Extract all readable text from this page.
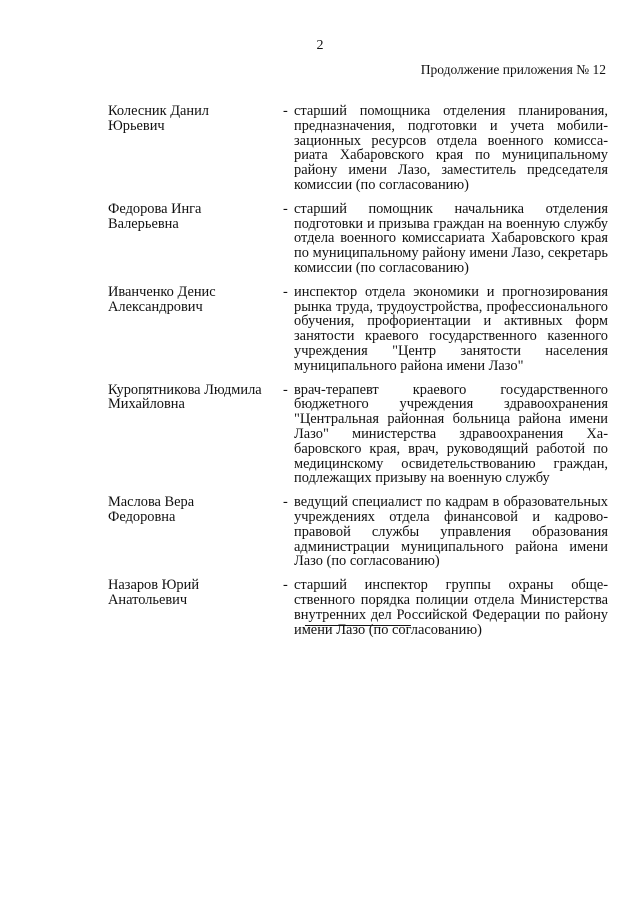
2
Продолжение приложения № 12
Колесник Данил
Юрьевич
- старший помощника отделения планирования, предназначения, подготовки и учета мобилизационных ресурсов отдела военного комиссариата Хабаровского края по муниципальному району имени Лазо, заместитель председателя комиссии (по согласованию)
Федорова Инга
Валерьевна
- старший помощник начальника отделения подготовки и призыва граждан на военную службу отдела военного комиссариата Хабаровского края по муниципальному району имени Лазо, секретарь комиссии (по согласованию)
Иванченко Денис
Александрович
- инспектор отдела экономики и прогнозирования рынка труда, трудоустройства, профессионального обучения, профориентации и активных форм занятости краевого государственного казенного учреждения "Центр занятости населения муниципального района имени Лазо"
Куропятникова Людмила
Михайловна
- врач-терапевт краевого государственного бюджетного учреждения здравоохранения "Центральная районная больница района имени Лазо" министерства здравоохранения Хабаровского края, врач, руководящий работой по медицинскому освидетельствованию граждан, подлежащих призыву на военную службу
Маслова Вера
Федоровна
- ведущий специалист по кадрам в образовательных учреждениях отдела финансовой и кадрово-правовой службы управления образования администрации муниципального района имени Лазо (по согласованию)
Назаров Юрий
Анатольевич
- старший инспектор группы охраны общественного порядка полиции отдела Министерства внутренних дел Российской Федерации по району имени Лазо (по согласованию)
